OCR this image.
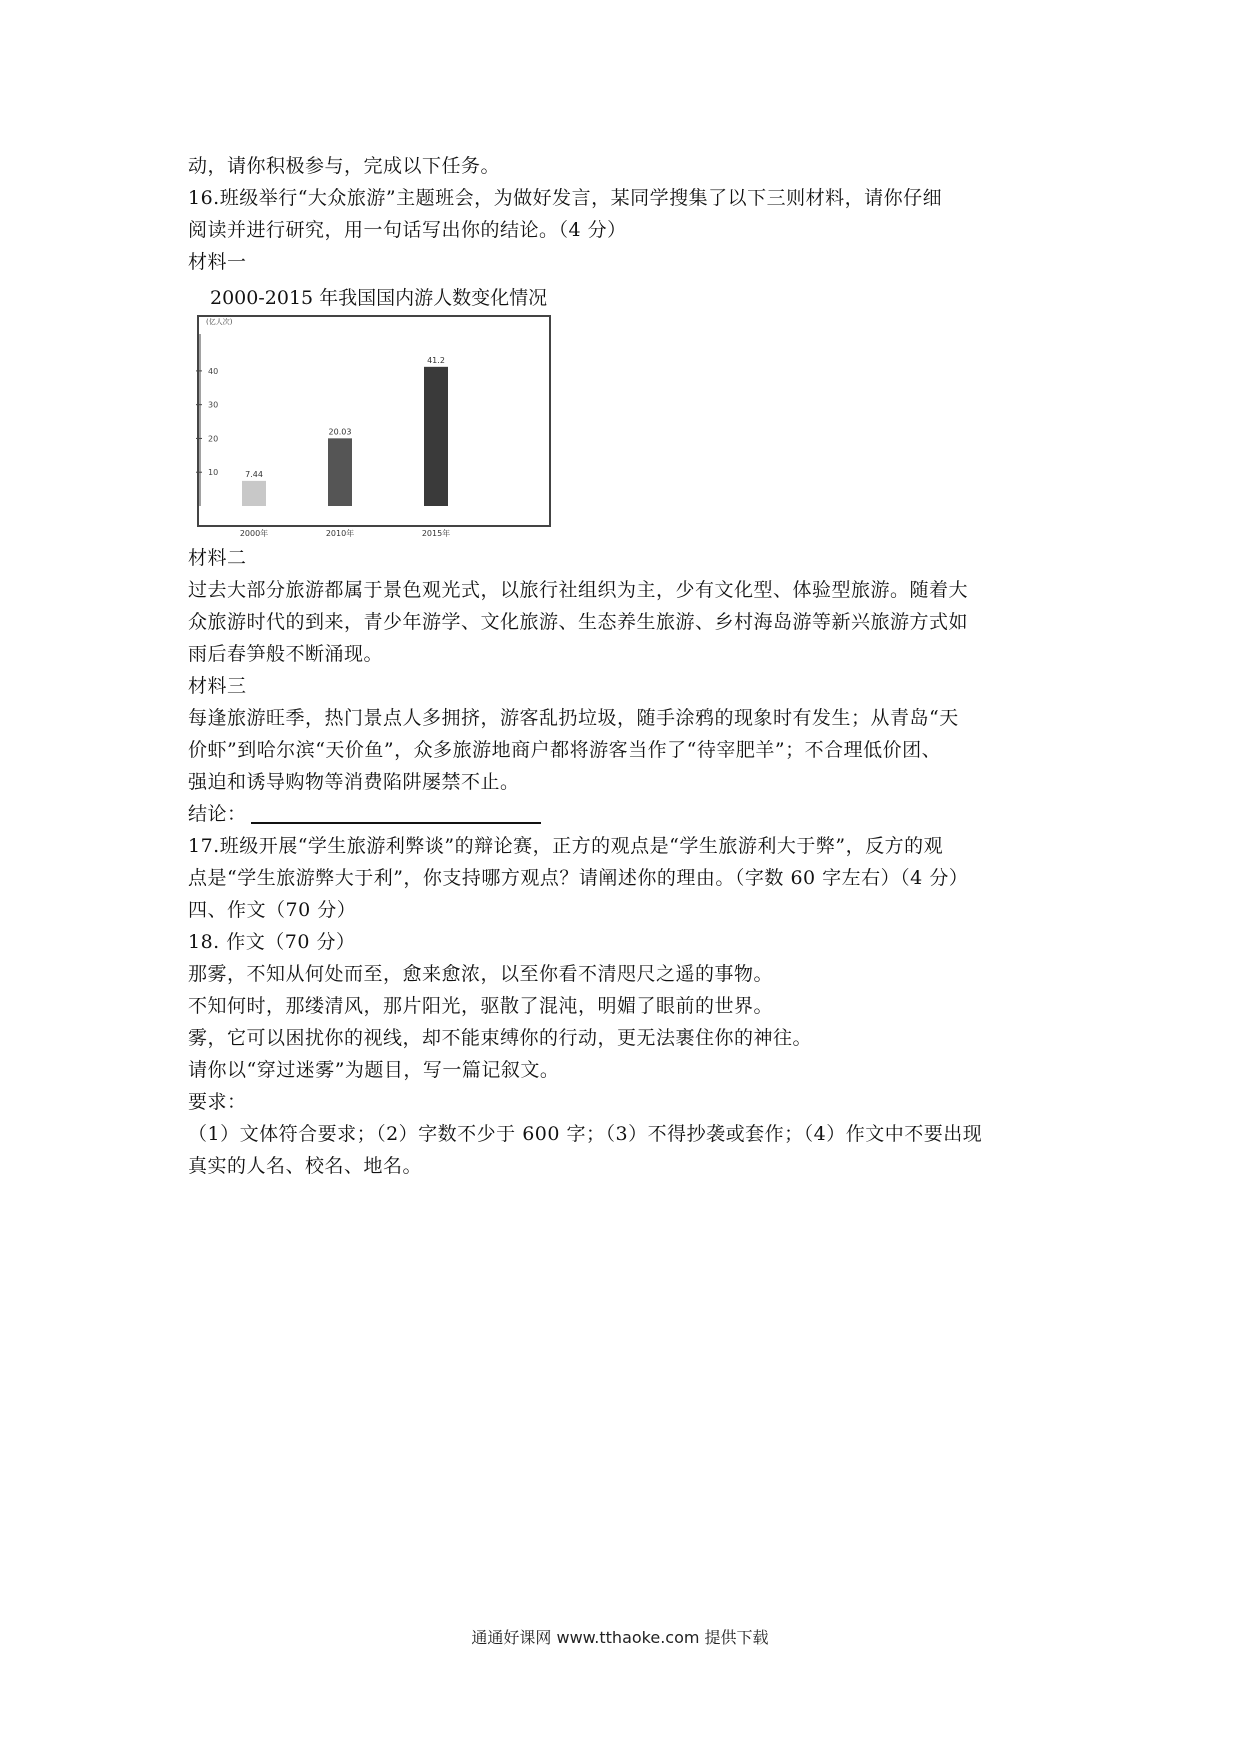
动，请你积极参与，完成以下任务。
16.班级举行“大众旅游”主题班会，为做好发言，某同学搜集了以下三则材料，请你仔细
阅读并进行研究，用一句话写出你的结论。（4 分）
材料一
2000-2015 年我国国内游人数变化情况
(亿人次)
10
20
30
40
7.44
2000年
20.03
2010年
41.2
2015年
材料二
过去大部分旅游都属于景色观光式，以旅行社组织为主，少有文化型、体验型旅游。随着大
众旅游时代的到来，青少年游学、文化旅游、生态养生旅游、乡村海岛游等新兴旅游方式如
雨后春笋般不断涌现。
材料三
每逢旅游旺季，热门景点人多拥挤，游客乱扔垃圾，随手涂鸦的现象时有发生；从青岛“天
价虾”到哈尔滨“天价鱼”，众多旅游地商户都将游客当作了“待宰肥羊”；不合理低价团、
强迫和诱导购物等消费陷阱屡禁不止。
结论：
17.班级开展“学生旅游利弊谈”的辩论赛，正方的观点是“学生旅游利大于弊”，反方的观
点是“学生旅游弊大于利”，你支持哪方观点？请阐述你的理由。（字数 60 字左右）（4 分）
四、作文（70 分）
18. 作文（70 分）
那雾，不知从何处而至，愈来愈浓，以至你看不清咫尺之遥的事物。
不知何时，那缕清风，那片阳光，驱散了混沌，明媚了眼前的世界。
雾，它可以困扰你的视线，却不能束缚你的行动，更无法裹住你的神往。
请你以“穿过迷雾”为题目，写一篇记叙文。
要求：
（1）文体符合要求；（2）字数不少于 600 字；（3）不得抄袭或套作；（4）作文中不要出现
真实的人名、校名、地名。
通通好课网 www.tthaoke.com 提供下载
